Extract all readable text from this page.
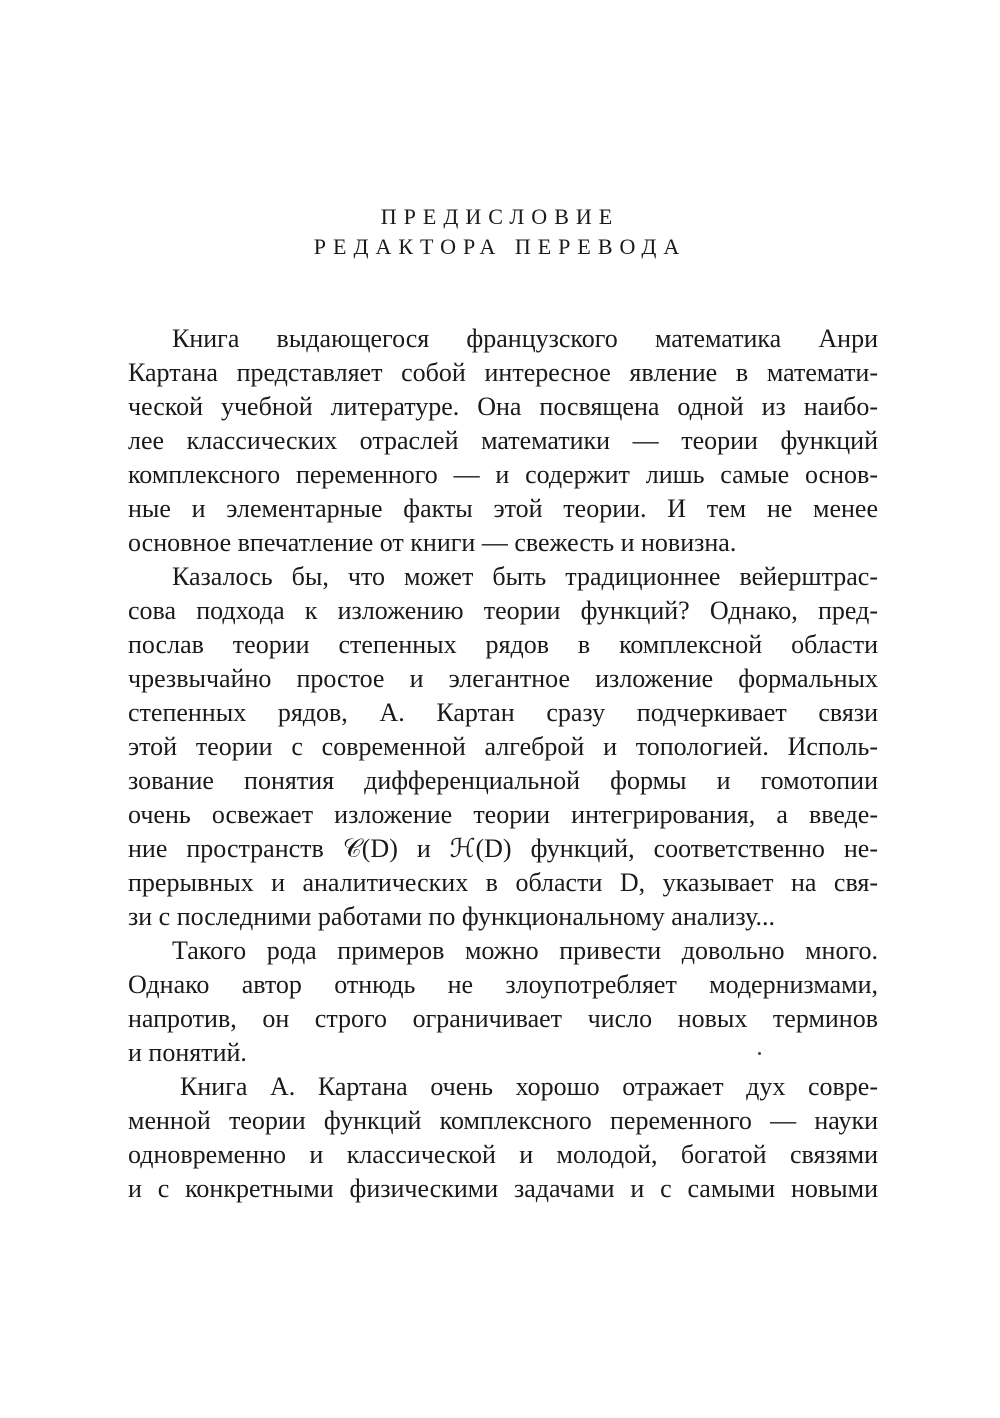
ПРЕДИСЛОВИЕ
РЕДАКТОРА ПЕРЕВОДА
Книга выдающегося французского математика Анри
Картана представляет собой интересное явление в математи-
ческой учебной литературе. Она посвящена одной из наибо-
лее классических отраслей математики — теории функций
комплексного переменного — и содержит лишь самые основ-
ные и элементарные факты этой теории. И тем не менее
основное впечатление от книги — свежесть и новизна.
Казалось бы, что может быть традиционнее вейерштрас-
сова подхода к изложению теории функций? Однако, пред-
послав теории степенных рядов в комплексной области
чрезвычайно простое и элегантное изложение формальных
степенных рядов, А. Картан сразу подчеркивает связи
этой теории с современной алгеброй и топологией. Исполь-
зование понятия дифференциальной формы и гомотопии
очень освежает изложение теории интегрирования, а введе-
ние пространств 𝒞(D) и ℋ(D) функций, соответственно не-
прерывных и аналитических в области D, указывает на свя-
зи с последними работами по функциональному анализу...
Такого рода примеров можно привести довольно много.
Однако автор отнюдь не злоупотребляет модернизмами,
напротив, он строго ограничивает число новых терминов
и понятий.
Книга А. Картана очень хорошо отражает дух совре-
менной теории функций комплексного переменного — науки
одновременно и классической и молодой, богатой связями
и с конкретными физическими задачами и с самыми новыми
